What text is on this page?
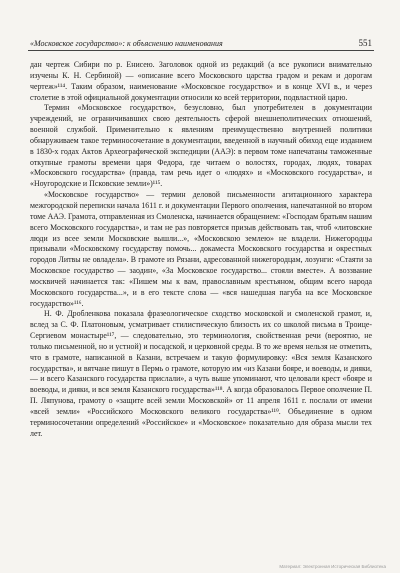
«Московское государство»: к объяснению наименования	551

дан чертеж Сибири по р. Енисею. Заголовок одной из редакций (а все рукописи внимательно изучены К. Н. Сербиной) — «описание всего Московского царства градом и рекам и дорогам чертеж»¹¹⁴. Таким образом, наименование «Московское государство» и в конце XVI в., и через столетие в этой официальной документации относили ко всей территории, подвластной царю.

Термин «Московское государство», безусловно, был употребителен в документации учреждений, не ограничивавших свою деятельность сферой внешнеполитических отношений, военной службой. Применительно к явлениям преимущественно внутренней политики обнаруживаем такое терминосочетание в документации, введенной в научный обиход еще изданием в 1830-х годах Актов Археографической экспедиции (ААЭ): в первом томе напечатаны таможенные откупные грамоты времени царя Федора, где читаем о волостях, городах, людях, товарах «Московского государства» (правда, там речь идет о «людях» и «Московского государства», и «Ноугородские и Псковские земли»)¹¹⁵.

«Московское государство» — термин деловой письменности агитационного характера межгородской переписки начала 1611 г. и документации Первого ополчения, напечатанной во втором томе ААЭ. Грамота, отправленная из Смоленска, начинается обращением: «Господам братьям нашим всего Московского государства», и там не раз повторяется призыв действовать так, чтоб «литовские люди из всее земли Московские вышли...», «Московскою землею» не владели. Нижегородцы призывали «Московскому государству помочь... докаместа Московского государства и окрестных городов Литвы не овладела». В грамоте из Рязани, адресованной нижегородцам, лозунги: «Стаяти за Московское государство — заодин», «За Московское государство... стояли вместе». А воззвание москвичей начинается так: «Пишем мы к вам, православным крестьяном, общим всего народа Московского государства...», и в его тексте слова — «вся нашедшая пагуба на все Московское государство»¹¹⁶.

Н. Ф. Дробленкова показала фразеологическое сходство московской и смоленской грамот, и, вслед за С. Ф. Платоновым, усматривает стилистическую близость их со школой письма в Троице-Сергиевом монастыре¹¹⁷, — следовательно, это терминология, свойственная речи (вероятно, не только письменной, но и устной) и посадской, и церковной среды. В то же время нельзя не отметить, что в грамоте, написанной в Казани, встречаем и такую формулировку: «Вся земля Казанского государства», и вятчане пишут в Пермь о грамоте, которую им «из Казани бояре, и воеводы, и дияки, — и всего Казанского государства прислали», а чуть выше упоминают, что целовали крест «бояре и воеводы, и дияки, и вся земля Казанского государства»¹¹⁸. А когда образовалось Первое ополчение П. П. Ляпунова, грамоту о «защите всей земли Московской» от 11 апреля 1611 г. послали от имени «всей земли» «Российского Московского великого государства»¹¹⁹. Объединение в одном терминосочетании определений «Российское» и «Московское» показательно для образа мысли тех лет.

Материал: Электронная Историческая Библиотека
